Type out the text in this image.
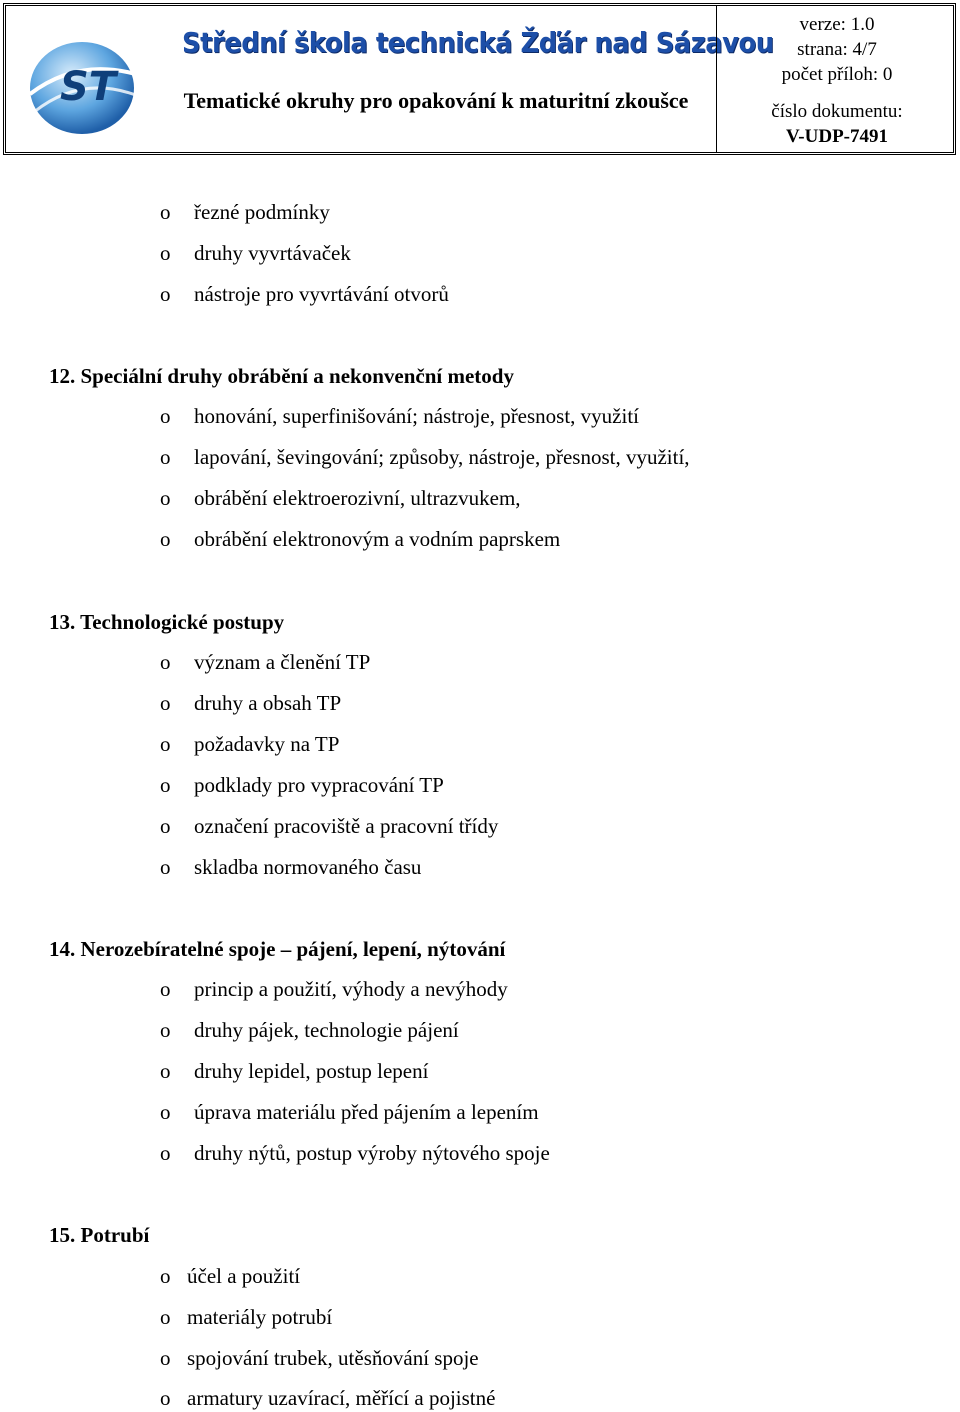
ST
Střední škola technická Žďár nad Sázavou
Tematické okruhy pro opakování k maturitní zkoušce
verze: 1.0
strana: 4/7
počet příloh: 0
číslo dokumentu:
V-UDP-7491
o řezné podmínky
o druhy vyvrtávaček
o nástroje pro vyvrtávání otvorů
12. Speciální druhy obrábění a nekonvenční metody
o honování, superfinišování; nástroje, přesnost, využití
o lapování, ševingování; způsoby, nástroje, přesnost, využití,
o obrábění elektroerozivní, ultrazvukem,
o obrábění elektronovým a vodním paprskem
13. Technologické postupy
o význam a členění TP
o druhy a obsah TP
o požadavky na TP
o podklady pro vypracování TP
o označení pracoviště a pracovní třídy
o skladba normovaného času
14. Nerozebíratelné spoje – pájení, lepení, nýtování
o princip a použití, výhody a nevýhody
o druhy pájek, technologie pájení
o druhy lepidel, postup lepení
o úprava materiálu před pájením a lepením
o druhy nýtů, postup výroby nýtového spoje
15. Potrubí
o účel a použití
o materiály potrubí
o spojování trubek, utěsňování spoje
o armatury uzavírací, měřící a pojistné
